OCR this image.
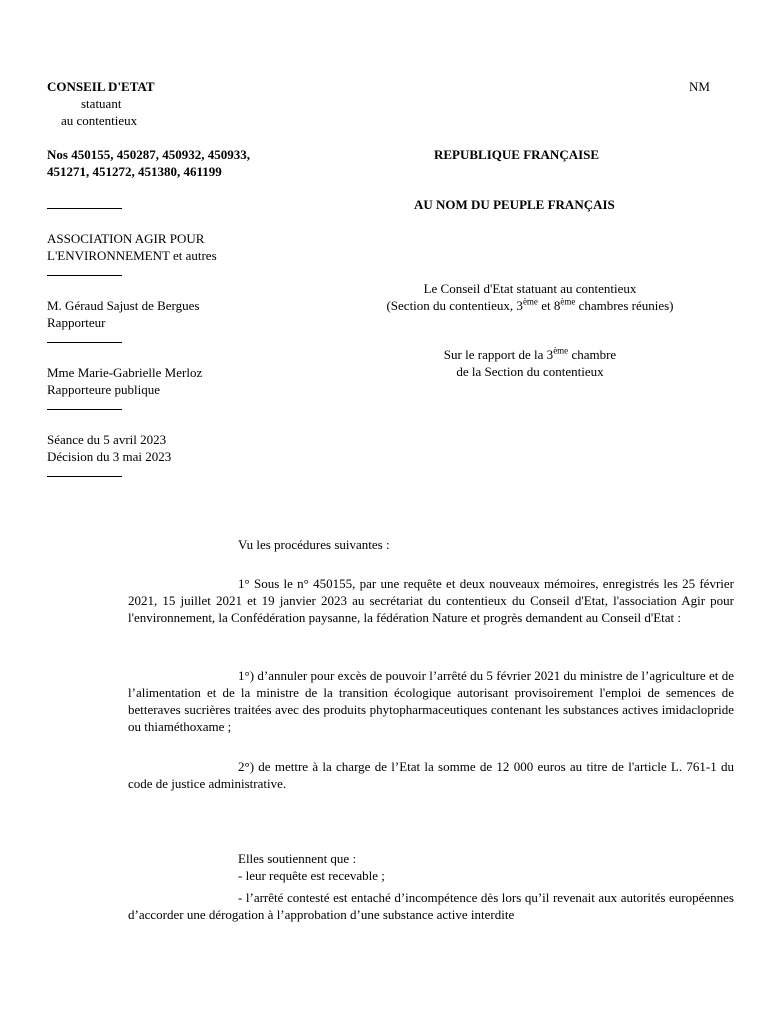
CONSEIL D'ETAT
statuant
au contentieux
NM
Nos 450155, 450287, 450932, 450933,
451271, 451272, 451380, 461199
REPUBLIQUE FRANÇAISE
AU NOM DU PEUPLE FRANÇAIS
ASSOCIATION AGIR POUR
L'ENVIRONNEMENT et autres
M. Géraud Sajust de Bergues
Rapporteur
Mme Marie-Gabrielle Merloz
Rapporteure publique
Séance du 5 avril 2023
Décision du 3 mai 2023
Le Conseil d'Etat statuant au contentieux
(Section du contentieux, 3ème et 8ème chambres réunies)
Sur le rapport de la 3ème chambre
de la Section du contentieux
Vu les procédures suivantes :

1° Sous le n° 450155, par une requête et deux nouveaux mémoires, enregistrés les 25 février 2021, 15 juillet 2021 et 19 janvier 2023 au secrétariat du contentieux du Conseil d'Etat, l'association Agir pour l'environnement, la Confédération paysanne, la fédération Nature et progrès demandent au Conseil d'Etat :

1°) d’annuler pour excès de pouvoir l’arrêté du 5 février 2021 du ministre de l’agriculture et de l’alimentation et de la ministre de la transition écologique autorisant provisoirement l'emploi de semences de betteraves sucrières traitées avec des produits phytopharmaceutiques contenant les substances actives imidaclopride ou thiaméthoxame ;

2°) de mettre à la charge de l’Etat la somme de 12 000 euros au titre de l'article L. 761-1 du code de justice administrative.

Elles soutiennent que :
- leur requête est recevable ;

- l’arrêté contesté est entaché d’incompétence dès lors qu’il revenait aux autorités européennes d’accorder une dérogation à l’approbation d’une substance active interdite
